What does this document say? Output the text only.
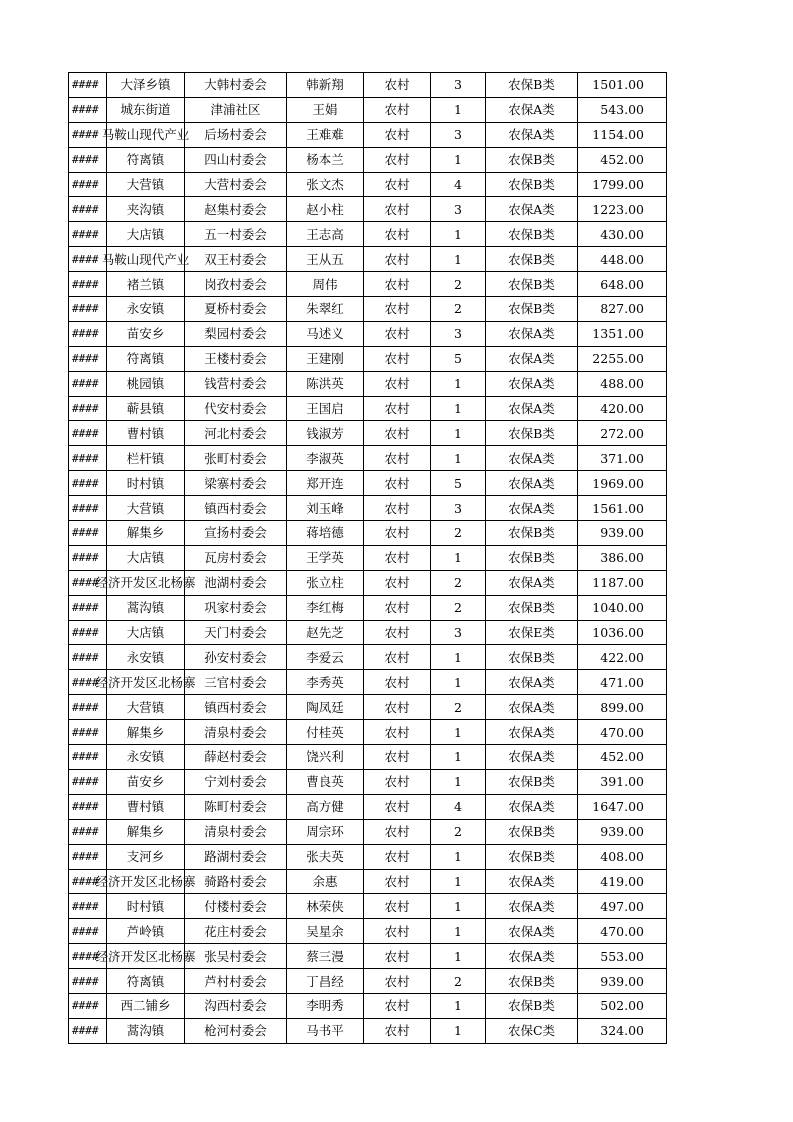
####	大泽乡镇	大韩村委会	韩新翔	农村	3	农保B类	1501.00
####	城东街道	津浦社区	王娟	农村	1	农保A类	543.00
####	马鞍山现代产业	后场村委会	王难难	农村	3	农保A类	1154.00
####	符离镇	四山村委会	杨本兰	农村	1	农保B类	452.00
####	大营镇	大营村委会	张文杰	农村	4	农保B类	1799.00
####	夹沟镇	赵集村委会	赵小柱	农村	3	农保A类	1223.00
####	大店镇	五一村委会	王志高	农村	1	农保B类	430.00
####	马鞍山现代产业	双王村委会	王从五	农村	1	农保B类	448.00
####	褚兰镇	岗孜村委会	周伟	农村	2	农保B类	648.00
####	永安镇	夏桥村委会	朱翠红	农村	2	农保B类	827.00
####	苗安乡	梨园村委会	马述义	农村	3	农保A类	1351.00
####	符离镇	王楼村委会	王建刚	农村	5	农保A类	2255.00
####	桃园镇	钱营村委会	陈洪英	农村	1	农保A类	488.00
####	蕲县镇	代安村委会	王国启	农村	1	农保A类	420.00
####	曹村镇	河北村委会	钱淑芳	农村	1	农保B类	272.00
####	栏杆镇	张町村委会	李淑英	农村	1	农保A类	371.00
####	时村镇	梁寨村委会	郑开连	农村	5	农保A类	1969.00
####	大营镇	镇西村委会	刘玉峰	农村	3	农保A类	1561.00
####	解集乡	宣扬村委会	蒋培德	农村	2	农保B类	939.00
####	大店镇	瓦房村委会	王学英	农村	1	农保B类	386.00
####	经济开发区北杨寨	池湖村委会	张立柱	农村	2	农保A类	1187.00
####	蒿沟镇	巩家村委会	李红梅	农村	2	农保B类	1040.00
####	大店镇	天门村委会	赵先芝	农村	3	农保E类	1036.00
####	永安镇	孙安村委会	李爱云	农村	1	农保B类	422.00
####	经济开发区北杨寨	三官村委会	李秀英	农村	1	农保A类	471.00
####	大营镇	镇西村委会	陶凤廷	农村	2	农保A类	899.00
####	解集乡	清泉村委会	付桂英	农村	1	农保A类	470.00
####	永安镇	薛赵村委会	饶兴利	农村	1	农保A类	452.00
####	苗安乡	宁刘村委会	曹良英	农村	1	农保B类	391.00
####	曹村镇	陈町村委会	高方健	农村	4	农保A类	1647.00
####	解集乡	清泉村委会	周宗环	农村	2	农保B类	939.00
####	支河乡	路湖村委会	张夫英	农村	1	农保B类	408.00
####	经济开发区北杨寨	骑路村委会	余惠	农村	1	农保A类	419.00
####	时村镇	付楼村委会	林荣侠	农村	1	农保A类	497.00
####	芦岭镇	花庄村委会	吴星余	农村	1	农保A类	470.00
####	经济开发区北杨寨	张吴村委会	蔡三漫	农村	1	农保A类	553.00
####	符离镇	芦村村委会	丁昌经	农村	2	农保B类	939.00
####	西二铺乡	沟西村委会	李明秀	农村	1	农保B类	502.00
####	蒿沟镇	枪河村委会	马书平	农村	1	农保C类	324.00
